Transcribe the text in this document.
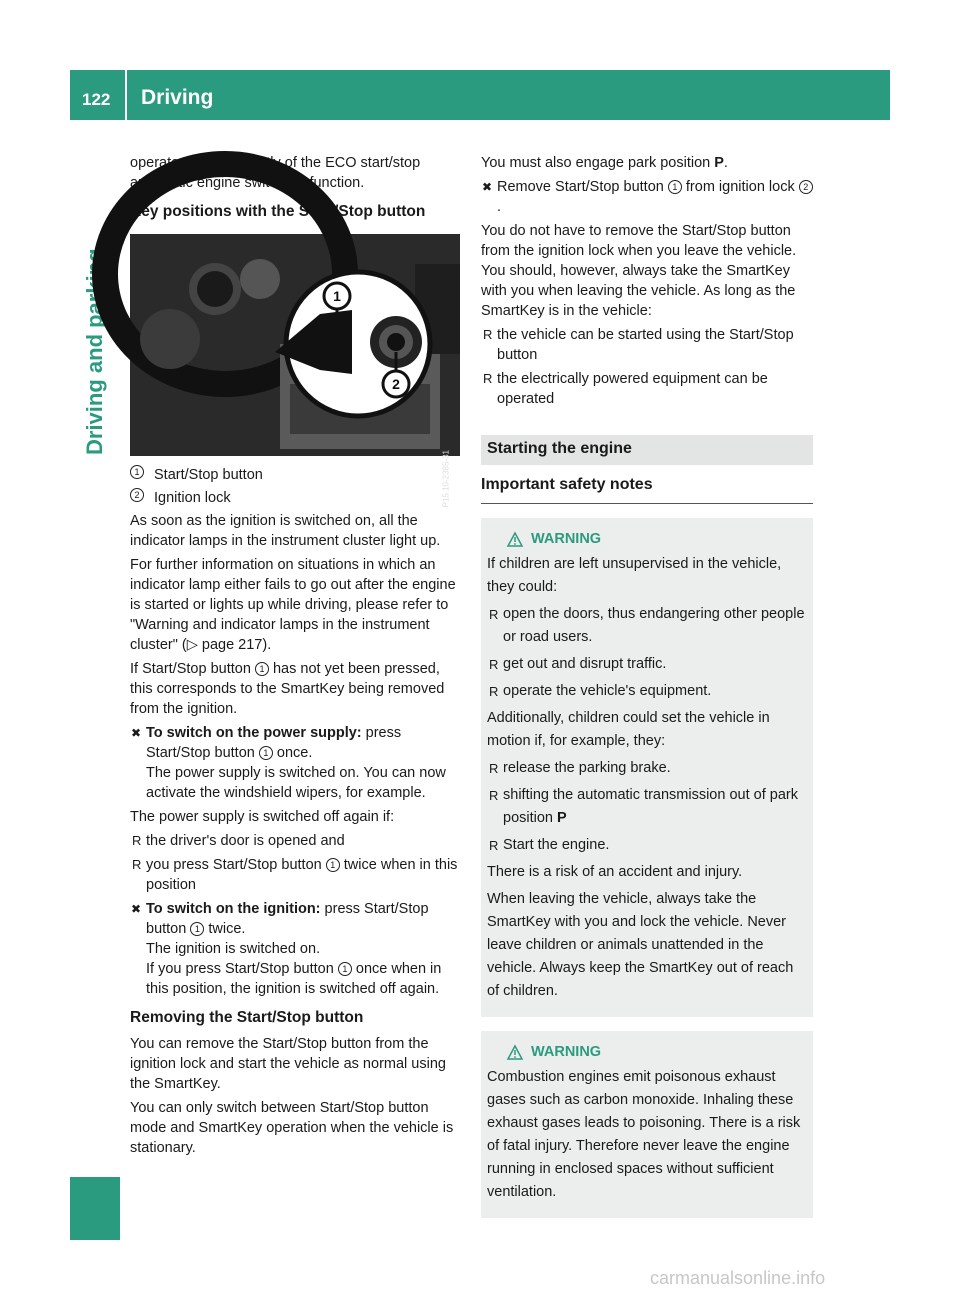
122 Driving
Driving and parking

operates independently of the ECO start/stop automatic engine switch-off function.

Key positions with the Start/Stop button
1
2
P15.10-2385-31
1	Start/Stop button
2	Ignition lock

As soon as the ignition is switched on, all the indicator lamps in the instrument cluster light up.

For further information on situations in which an indicator lamp either fails to go out after the engine is started or lights up while driving, please refer to "Warning and indicator lamps in the instrument cluster" (▷ page 217).

If Start/Stop button 1 has not yet been pressed, this corresponds to the SmartKey being removed from the ignition.

✖ To switch on the power supply: press Start/Stop button 1 once.
The power supply is switched on. You can now activate the windshield wipers, for example.

The power supply is switched off again if:

R the driver's door is opened and
R you press Start/Stop button 1 twice when in this position
✖ To switch on the ignition: press Start/Stop button 1 twice.
The ignition is switched on.
If you press Start/Stop button 1 once when in this position, the ignition is switched off again.
Removing the Start/Stop button

You can remove the Start/Stop button from the ignition lock and start the vehicle as normal using the SmartKey.

You can only switch between Start/Stop button mode and SmartKey operation when the vehicle is stationary.

You must also engage park position P.

✖ Remove Start/Stop button 1 from ignition lock 2.

You do not have to remove the Start/Stop button from the ignition lock when you leave the vehicle. You should, however, always take the SmartKey with you when leaving the vehicle. As long as the SmartKey is in the vehicle:

R the vehicle can be started using the Start/Stop button
R the electrically powered equipment can be operated
Starting the engine
Important safety notes
WARNING

If children are left unsupervised in the vehicle, they could:

R open the doors, thus endangering other people or road users.
R get out and disrupt traffic.
R operate the vehicle's equipment.

Additionally, children could set the vehicle in motion if, for example, they:

R release the parking brake.
R shifting the automatic transmission out of park position P
R Start the engine.

There is a risk of an accident and injury.

When leaving the vehicle, always take the SmartKey with you and lock the vehicle. Never leave children or animals unattended in the vehicle. Always keep the SmartKey out of reach of children.

WARNING

Combustion engines emit poisonous exhaust gases such as carbon monoxide. Inhaling these exhaust gases leads to poisoning. There is a risk of fatal injury. Therefore never leave the engine running in enclosed spaces without sufficient ventilation.

carmanualsonline.info
